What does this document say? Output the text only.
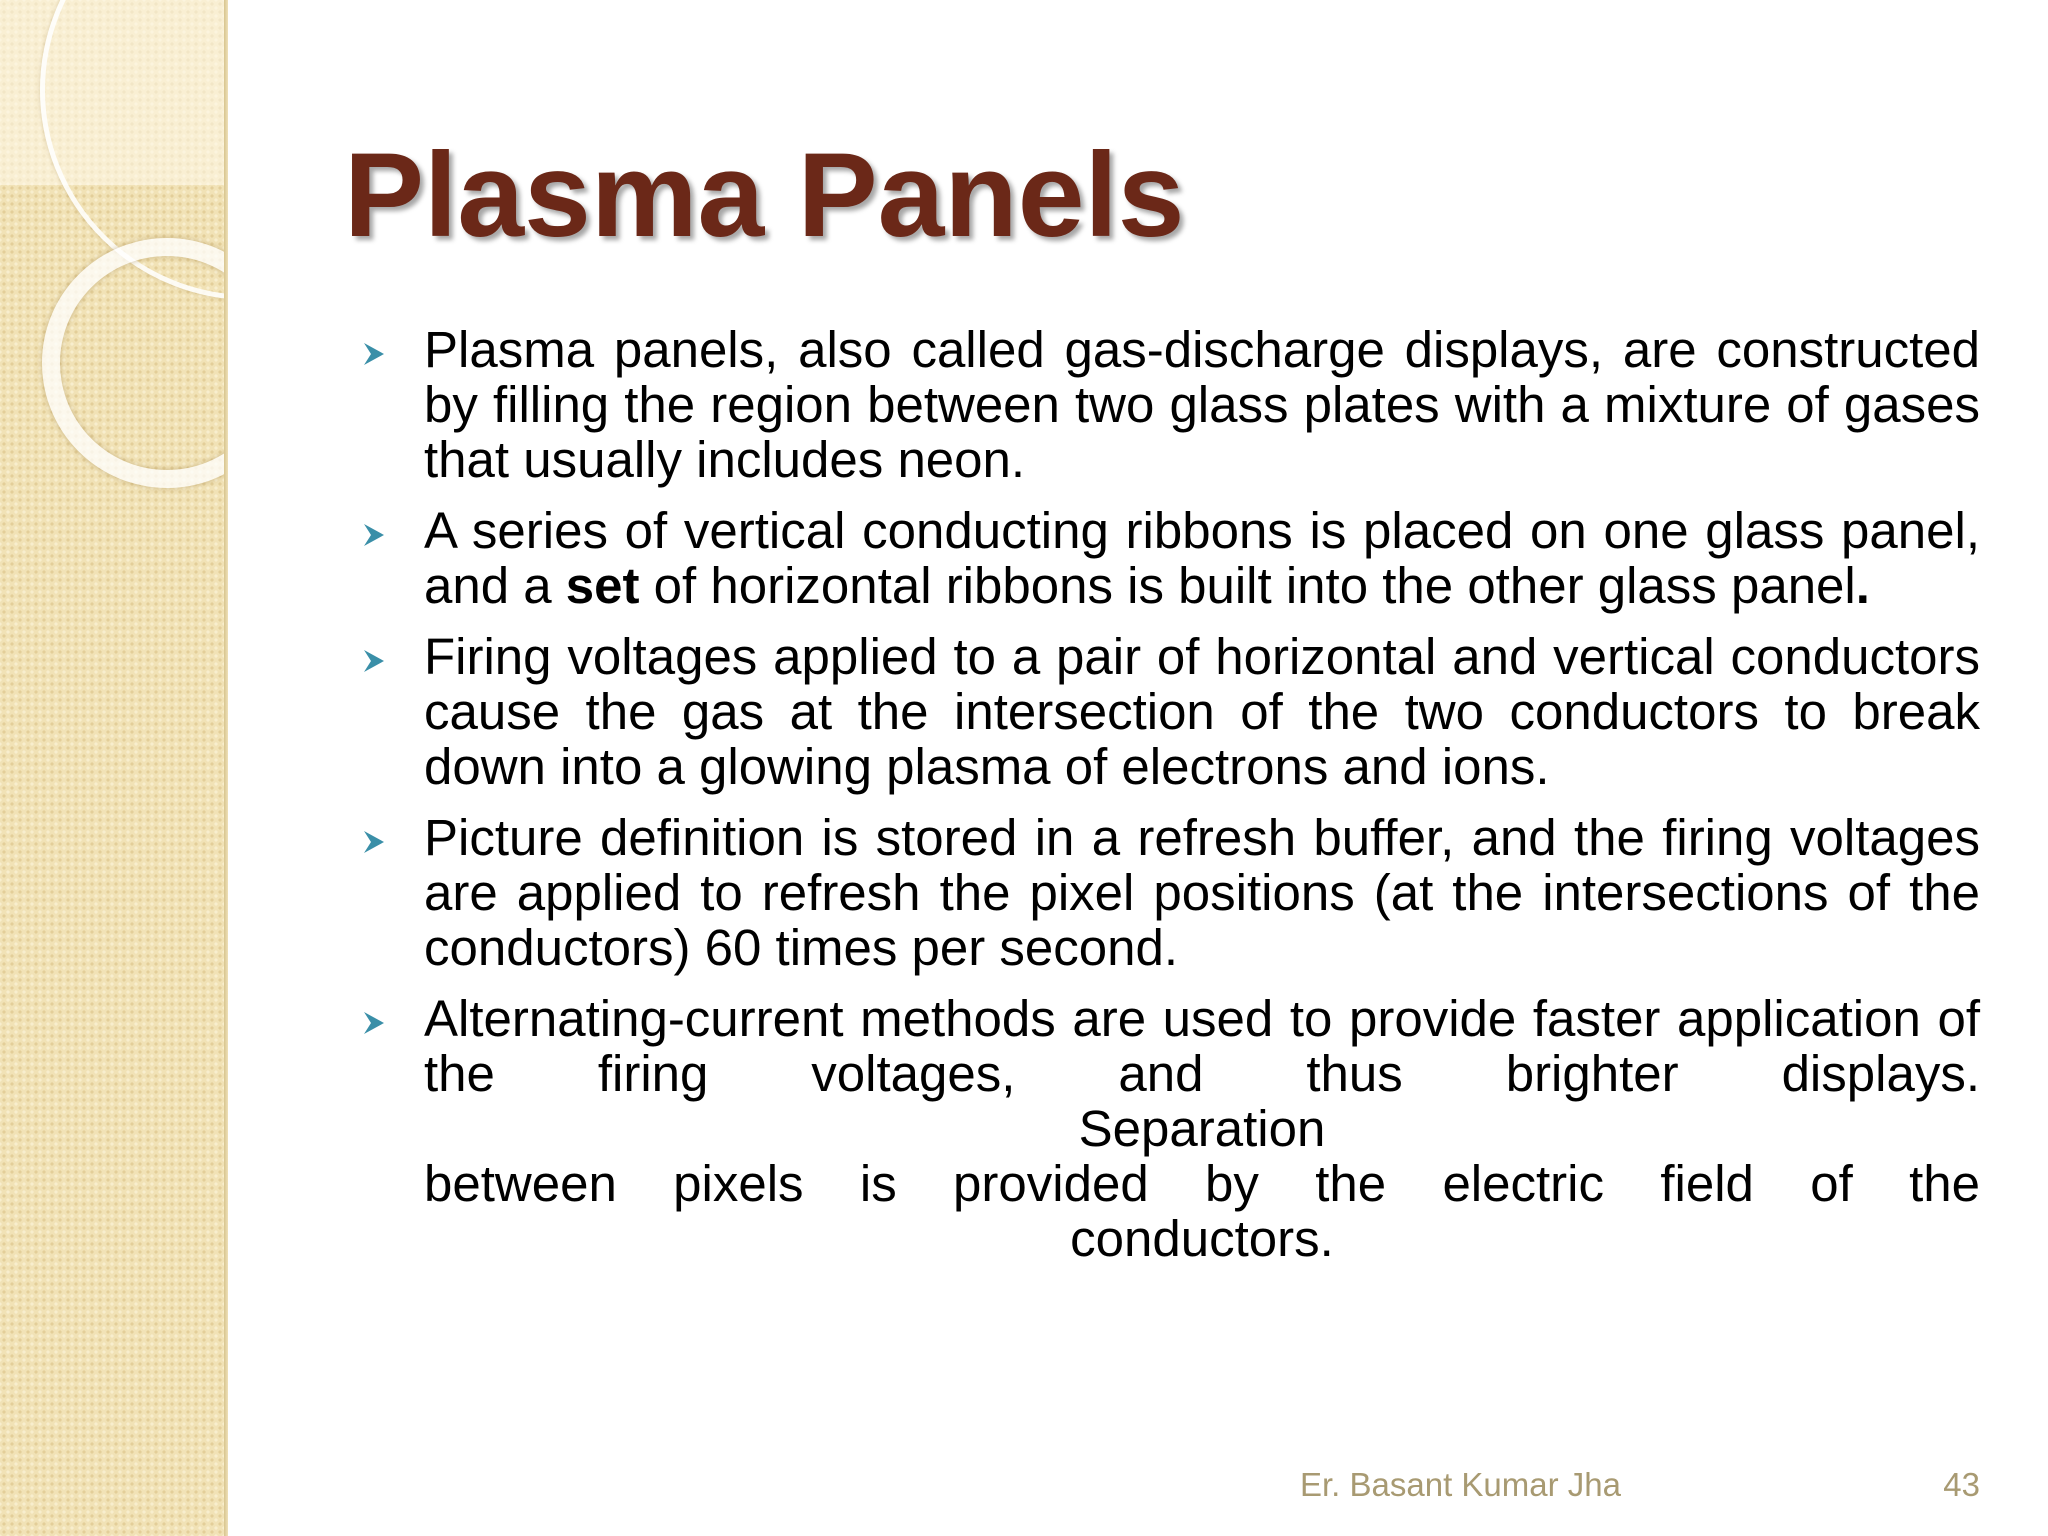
Plasma Panels

Plasma panels, also called gas-discharge displays, are constructed by filling the region between two glass plates with a mixture of gases that usually includes neon.

A series of vertical conducting ribbons is placed on one glass panel, and a set of horizontal ribbons is built into the other glass panel.

Firing voltages applied to a pair of horizontal and vertical conductors cause the gas at the intersection of the two conductors to break down into a glowing plasma of electrons and ions.

Picture definition is stored in a refresh buffer, and the firing voltages are applied to refresh the pixel positions (at the intersections of the conductors) 60 times per second.

Alternating-current methods are used to provide faster application of the firing voltages, and thus brighter displays.

Separation

between pixels is provided by the electric field of the

conductors.

Er. Basant Kumar Jha	43
